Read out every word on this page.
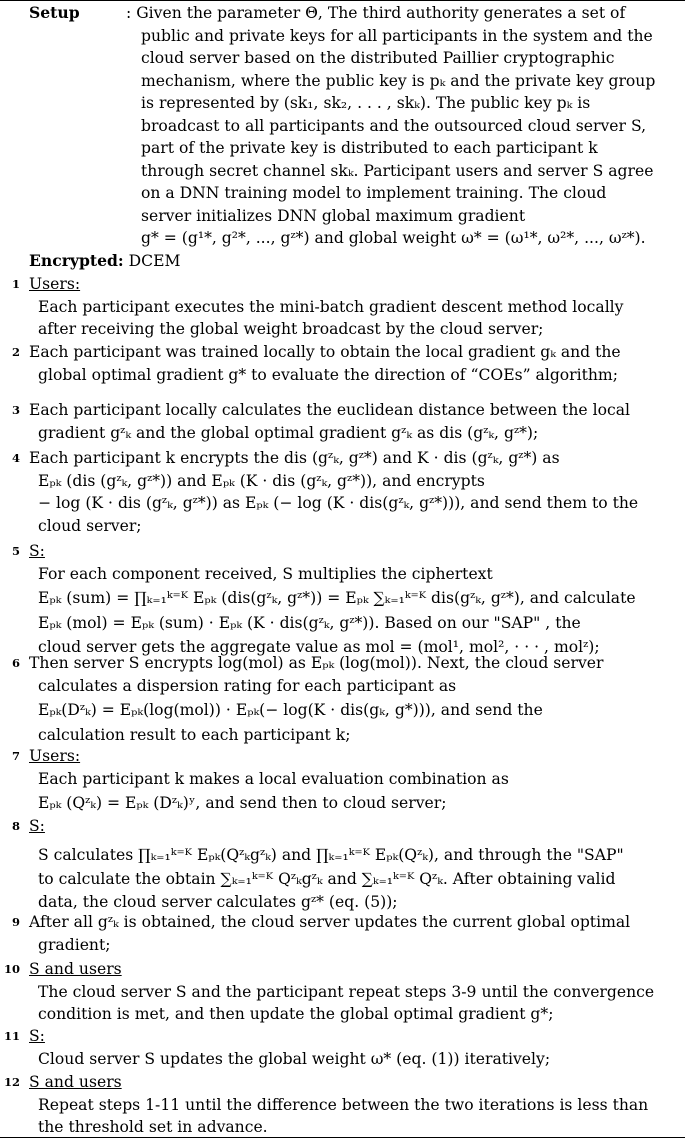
Setup	: Given the parameter Θ, The third authority generates a set of
public and private keys for all participants in the system and the
cloud server based on the distributed Paillier cryptographic
mechanism, where the public key is pₖ and the private key group
is represented by (sk₁, sk₂, . . . , skₖ). The public key pₖ is
broadcast to all participants and the outsourced cloud server S,
part of the private key is distributed to each participant k
through secret channel skₖ. Participant users and server S agree
on a DNN training model to implement training. The cloud
server initializes DNN global maximum gradient
g* = (g¹*, g²*, ..., gᶻ*) and global weight ω* = (ω¹*, ω²*, ..., ωᶻ*).
Encrypted: DCEM
1 Users:
Each participant executes the mini-batch gradient descent method locally
after receiving the global weight broadcast by the cloud server;
2 Each participant was trained locally to obtain the local gradient gₖ and the
global optimal gradient g* to evaluate the direction of “COEs” algorithm;
3 Each participant locally calculates the euclidean distance between the local
gradient gᶻₖ and the global optimal gradient gᶻₖ as dis (gᶻₖ, gᶻ*);
4 Each participant k encrypts the dis (gᶻₖ, gᶻ*) and K · dis (gᶻₖ, gᶻ*) as
Eₚₖ (dis (gᶻₖ, gᶻ*)) and Eₚₖ (K · dis (gᶻₖ, gᶻ*)), and encrypts
− log (K · dis (gᶻₖ, gᶻ*)) as Eₚₖ (− log (K · dis(gᶻₖ, gᶻ*))), and send them to the
cloud server;
5 S:
For each component received, S multiplies the ciphertext
Eₚₖ (sum) = ∏ₖ₌₁ᵏ⁼ᴷ Eₚₖ (dis(gᶻₖ, gᶻ*)) = Eₚₖ ∑ₖ₌₁ᵏ⁼ᴷ dis(gᶻₖ, gᶻ*), and calculate
Eₚₖ (mol) = Eₚₖ (sum) · Eₚₖ (K · dis(gᶻₖ, gᶻ*)). Based on our "SAP" , the
cloud server gets the aggregate value as mol = (mol¹, mol², · · · , molᶻ);
6 Then server S encrypts log(mol) as Eₚₖ (log(mol)). Next, the cloud server
calculates a dispersion rating for each participant as
Eₚₖ(Dᶻₖ) = Eₚₖ(log(mol)) · Eₚₖ(− log(K · dis(gₖ, g*))), and send the
calculation result to each participant k;
7 Users:
Each participant k makes a local evaluation combination as
Eₚₖ (Qᶻₖ) = Eₚₖ (Dᶻₖ)ʸ, and send then to cloud server;
8 S:
S calculates ∏ₖ₌₁ᵏ⁼ᴷ Eₚₖ(Qᶻₖgᶻₖ) and ∏ₖ₌₁ᵏ⁼ᴷ Eₚₖ(Qᶻₖ), and through the "SAP"
to calculate the obtain ∑ₖ₌₁ᵏ⁼ᴷ Qᶻₖgᶻₖ and ∑ₖ₌₁ᵏ⁼ᴷ Qᶻₖ. After obtaining valid
data, the cloud server calculates gᶻ* (eq. (5));
9 After all gᶻₖ is obtained, the cloud server updates the current global optimal
gradient;
10 S and users
The cloud server S and the participant repeat steps 3-9 until the convergence
condition is met, and then update the global optimal gradient g*;
11 S:
Cloud server S updates the global weight ω* (eq. (1)) iteratively;
12 S and users
Repeat steps 1-11 until the difference between the two iterations is less than
the threshold set in advance.
